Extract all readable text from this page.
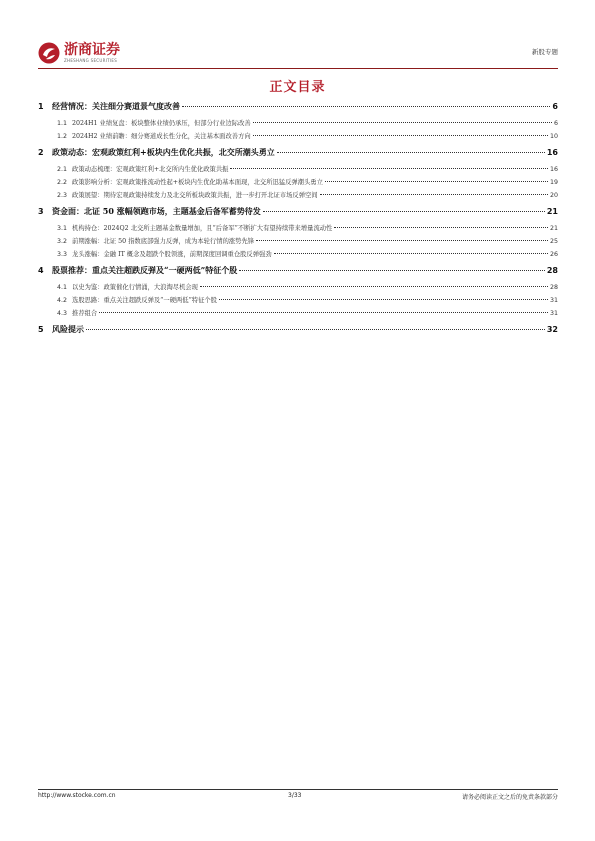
浙商证券
ZHESHANG SECURITIES
新股专题
正文目录
1	经营情况：关注细分赛道景气度改善	6
1.1 2024H1 业绩复盘：板块整体业绩仍承压，但部分行业边际改善	6
1.2 2024H2 业绩前瞻：细分赛道成长性分化，关注基本面改善方向	10
2	政策动态：宏观政策红利+板块内生优化共振，北交所潮头勇立	16
2.1 政策动态梳理：宏观政策红利+北交所内生优化政策共振	16
2.2 政策影响分析：宏观政策推流动性起+板块内生优化助基本面现，北交所迅猛反弹潮头勇立	19
2.3 政策展望：期待宏观政策持续发力及北交所板块政策共振，进一步打开北证市场反弹空间	20
3	资金面：北证 50 涨幅领跑市场，主题基金后备军蓄势待发	21
3.1 机构持仓：2024Q2 北交所主题基金数量增加，且“后备军”不断扩大有望持续带来增量流动性	21
3.2 前期涨幅：北证 50 指数底部强力反弹，成为本轮行情的涨势先锋	25
3.3 龙头涨幅：金融 IT 概念及超跌个股领涨，前期深度回调重仓股反弹强劲	26
4	股票推荐：重点关注超跌反弹及“一硬两低”特征个股	28
4.1 以史为鉴：政策催化行情涌，大浪淘尽机会现	28
4.2 选股思路：重点关注超跌反弹及“一硬两低”特征个股	31
4.3 推荐组合	31
5	风险提示	32
http://www.stocke.com.cn	3/33	请务必阅读正文之后的免责条款部分
